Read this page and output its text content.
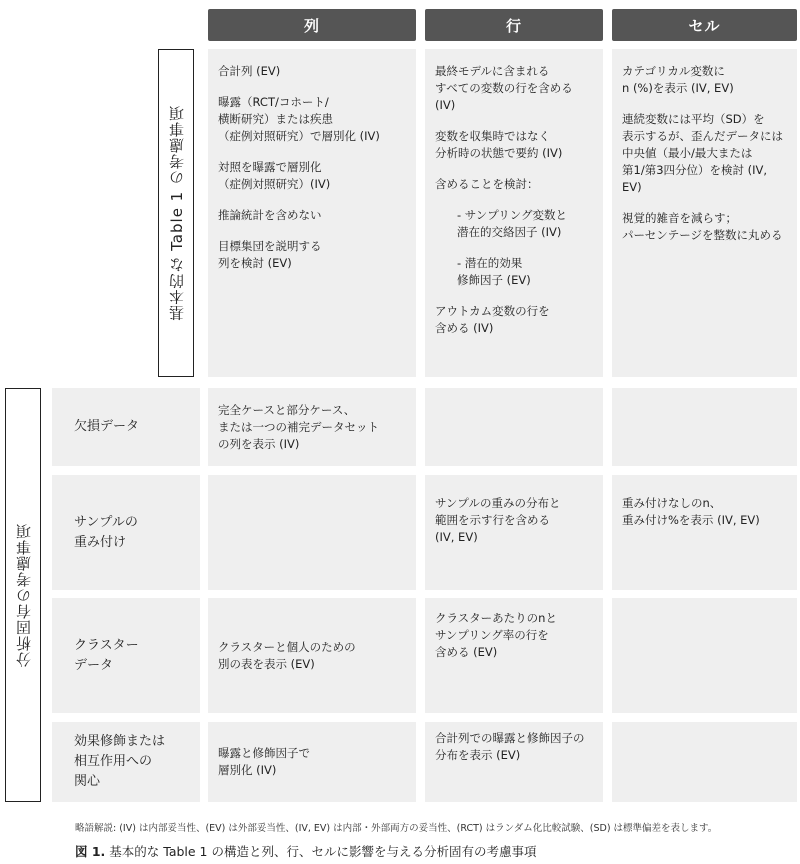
列	行	セル
基本的な Table 1 の考慮事項

合計列 (EV)

曝露（RCT/コホート/
横断研究）または疾患
（症例対照研究）で層別化 (IV)

対照を曝露で層別化
（症例対照研究）(IV)

推論統計を含めない

目標集団を説明する
列を検討 (EV)

最終モデルに含まれる
すべての変数の行を含める (IV)

変数を収集時ではなく
分析時の状態で要約 (IV)

含めることを検討：

- サンプリング変数と
潜在的交絡因子 (IV)

- 潜在的効果
修飾因子 (EV)

アウトカム変数の行を
含める (IV)

カテゴリカル変数に
n (%)を表示 (IV, EV)

連続変数には平均（SD）を
表示するが、歪んだデータには
中央値（最小/最大または
第1/第3四分位）を検討 (IV, EV)

視覚的雑音を減らす；
パーセンテージを整数に丸める

分析固有の考慮事項
欠損データ

完全ケースと部分ケース、
または一つの補完データセット
の列を表示 (IV)

サンプルの
重み付け

サンプルの重みの分布と
範囲を示す行を含める
(IV, EV)

重み付けなしのn、
重み付け%を表示 (IV, EV)

クラスター
データ

クラスターと個人のための
別の表を表示 (EV)

クラスターあたりのnと
サンプリング率の行を
含める (EV)

効果修飾または
相互作用への
関心

曝露と修飾因子で
層別化 (IV)

合計列での曝露と修飾因子の
分布を表示 (EV)

略語解説: (IV) は内部妥当性、(EV) は外部妥当性、(IV, EV) は内部・外部両方の妥当性、(RCT) はランダム化比較試験、(SD) は標準偏差を表します。
図 1. 基本的な Table 1 の構造と列、行、セルに影響を与える分析固有の考慮事項
